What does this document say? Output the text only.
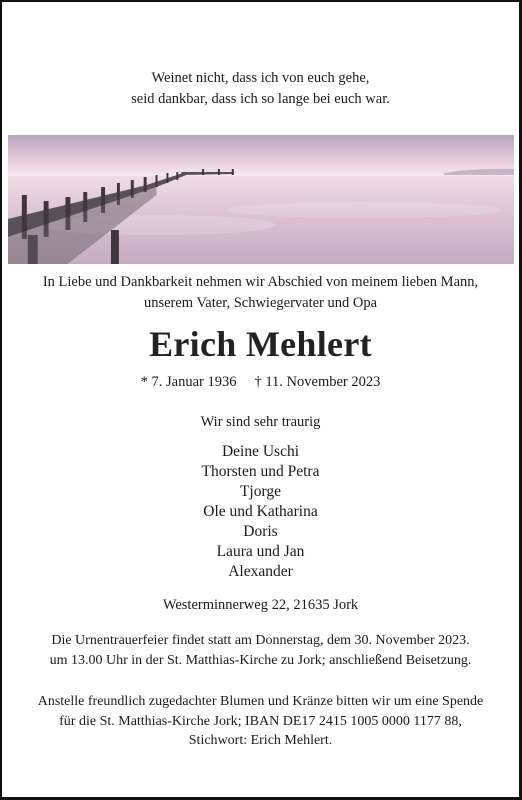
Weinet nicht, dass ich von euch gehe,
seid dankbar, dass ich so lange bei euch war.
In Liebe und Dankbarkeit nehmen wir Abschied von meinem lieben Mann,
unserem Vater, Schwiegervater und Opa
Erich Mehlert
* 7. Januar 1936 † 11. November 2023
Wir sind sehr traurig
Deine Uschi
Thorsten und Petra
Tjorge
Ole und Katharina
Doris
Laura und Jan
Alexander
Westerminnerweg 22, 21635 Jork
Die Urnentrauerfeier findet statt am Donnerstag, dem 30. November 2023.
um 13.00 Uhr in der St. Matthias-Kirche zu Jork; anschließend Beisetzung.
Anstelle freundlich zugedachter Blumen und Kränze bitten wir um eine Spende
für die St. Matthias-Kirche Jork; IBAN DE17 2415 1005 0000 1177 88,
Stichwort: Erich Mehlert.
